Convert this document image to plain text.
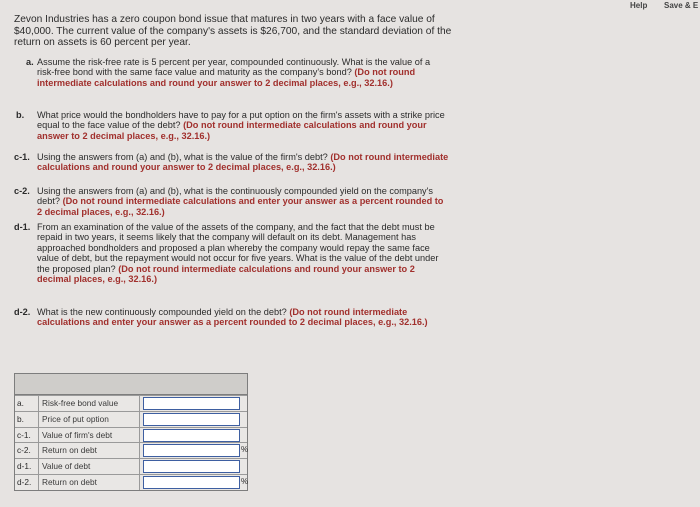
Help Save & E
Zevon Industries has a zero coupon bond issue that matures in two years with a face value of $40,000. The current value of the company's assets is $26,700, and the standard deviation of the return on assets is 60 percent per year.
a. Assume the risk-free rate is 5 percent per year, compounded continuously. What is the value of a risk-free bond with the same face value and maturity as the company's bond? (Do not round intermediate calculations and round your answer to 2 decimal places, e.g., 32.16.)
b.	What price would the bondholders have to pay for a put option on the firm's assets with a strike price equal to the face value of the debt? (Do not round intermediate calculations and round your answer to 2 decimal places, e.g., 32.16.)
c-1. Using the answers from (a) and (b), what is the value of the firm's debt? (Do not round intermediate calculations and round your answer to 2 decimal places, e.g., 32.16.)
c-2. Using the answers from (a) and (b), what is the continuously compounded yield on the company's debt? (Do not round intermediate calculations and enter your answer as a percent rounded to 2 decimal places, e.g., 32.16.)
d-1. From an examination of the value of the assets of the company, and the fact that the debt must be repaid in two years, it seems likely that the company will default on its debt. Management has approached bondholders and proposed a plan whereby the company would repay the same face value of debt, but the repayment would not occur for five years. What is the value of the debt under the proposed plan? (Do not round intermediate calculations and round your answer to 2 decimal places, e.g., 32.16.)
d-2. What is the new continuously compounded yield on the debt? (Do not round intermediate calculations and enter your answer as a percent rounded to 2 decimal places, e.g., 32.16.)
a.	Risk-free bond value
b.	Price of put option
c-1.	Value of firm's debt
c-2.	Return on debt	%
d-1.	Value of debt
d-2.	Return on debt	%
